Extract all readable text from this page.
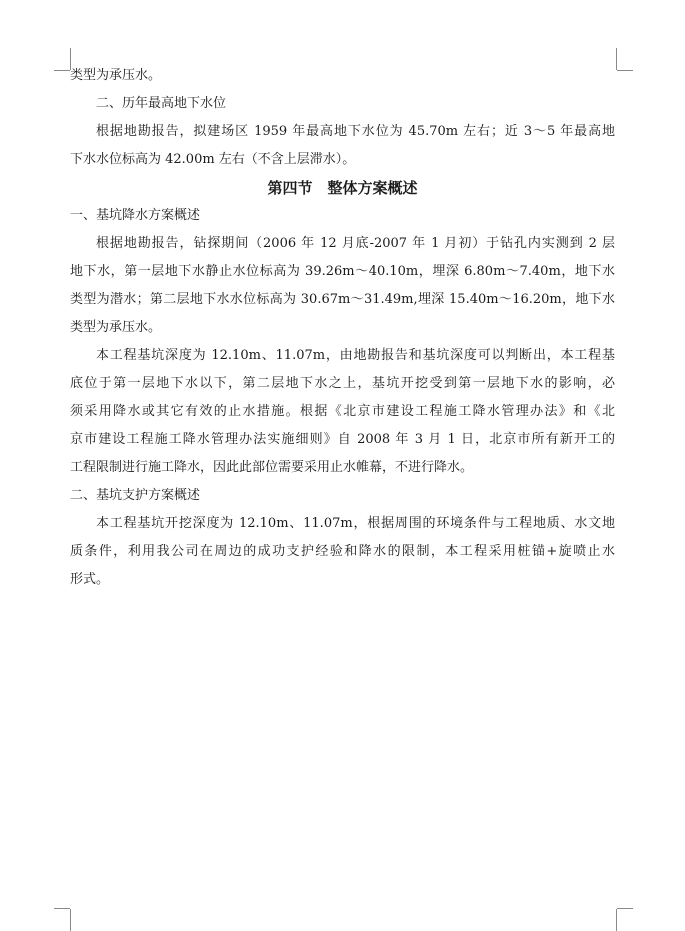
类型为承压水。
二、历年最高地下水位
根据地勘报告，拟建场区 1959 年最高地下水位为 45.70m 左右；近 3～5 年最高地
下水水位标高为 42.00m 左右（不含上层滞水）。
第四节　整体方案概述
一、基坑降水方案概述
根据地勘报告，钻探期间（2006 年 12 月底-2007 年 1 月初）于钻孔内实测到 2 层
地下水，第一层地下水静止水位标高为 39.26m～40.10m，埋深 6.80m～7.40m，地下水
类型为潜水；第二层地下水水位标高为 30.67m～31.49m,埋深 15.40m～16.20m，地下水
类型为承压水。
本工程基坑深度为 12.10m、11.07m，由地勘报告和基坑深度可以判断出，本工程基
底位于第一层地下水以下，第二层地下水之上，基坑开挖受到第一层地下水的影响，必
须采用降水或其它有效的止水措施。根据《北京市建设工程施工降水管理办法》和《北
京市建设工程施工降水管理办法实施细则》自 2008 年 3 月 1 日，北京市所有新开工的
工程限制进行施工降水，因此此部位需要采用止水帷幕，不进行降水。
二、基坑支护方案概述
本工程基坑开挖深度为 12.10m、11.07m，根据周围的环境条件与工程地质、水文地
质条件，利用我公司在周边的成功支护经验和降水的限制，本工程采用桩锚+旋喷止水
形式。
